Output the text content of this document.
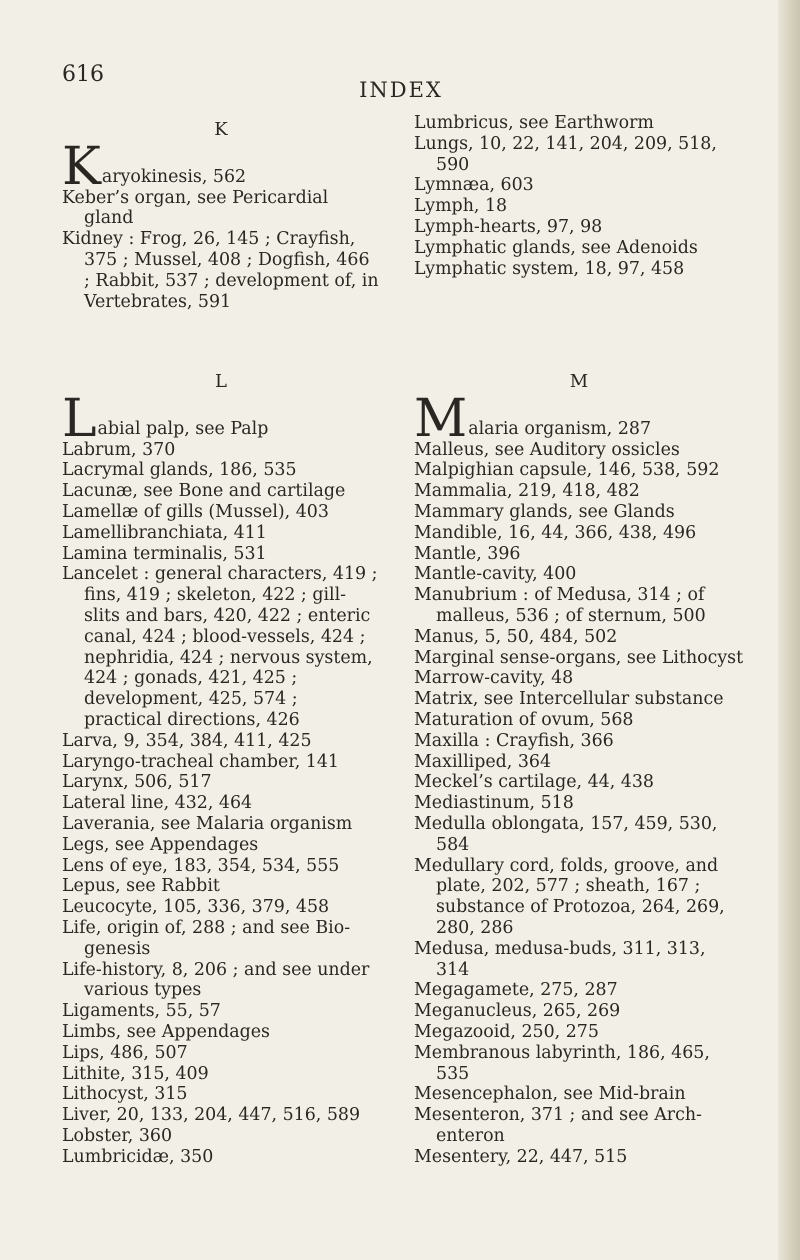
616
INDEX
K

K aryokinesis, 562

Keber’s organ, see Pericardial gland

Kidney : Frog, 26, 145 ; Crayfish, 375 ; Mussel, 408 ; Dogfish, 466 ; Rabbit, 537 ; development of, in Vertebrates, 591

L

L abial palp, see Palp

Labrum, 370

Lacrymal glands, 186, 535

Lacunæ, see Bone and cartilage

Lamellæ of gills (Mussel), 403

Lamellibranchiata, 411

Lamina terminalis, 531

Lancelet : general characters, 419 ; fins, 419 ; skeleton, 422 ; gill-slits and bars, 420, 422 ; enteric canal, 424 ; blood-vessels, 424 ; nephridia, 424 ; nervous system, 424 ; gonads, 421, 425 ; development, 425, 574 ; practical directions, 426

Larva, 9, 354, 384, 411, 425

Laryngo-tracheal chamber, 141

Larynx, 506, 517

Lateral line, 432, 464

Laverania, see Malaria organism

Legs, see Appendages

Lens of eye, 183, 354, 534, 555

Lepus, see Rabbit

Leucocyte, 105, 336, 379, 458

Life, origin of, 288 ; and see Bio-genesis

Life-history, 8, 206 ; and see under various types

Ligaments, 55, 57

Limbs, see Appendages

Lips, 486, 507

Lithite, 315, 409

Lithocyst, 315

Liver, 20, 133, 204, 447, 516, 589

Lobster, 360

Lumbricidæ, 350

Lumbricus, see Earthworm

Lungs, 10, 22, 141, 204, 209, 518, 590

Lymnæa, 603

Lymph, 18

Lymph-hearts, 97, 98

Lymphatic glands, see Adenoids

Lymphatic system, 18, 97, 458

M

M alaria organism, 287

Malleus, see Auditory ossicles

Malpighian capsule, 146, 538, 592

Mammalia, 219, 418, 482

Mammary glands, see Glands

Mandible, 16, 44, 366, 438, 496

Mantle, 396

Mantle-cavity, 400

Manubrium : of Medusa, 314 ; of malleus, 536 ; of sternum, 500

Manus, 5, 50, 484, 502

Marginal sense-organs, see Lithocyst

Marrow-cavity, 48

Matrix, see Intercellular substance

Maturation of ovum, 568

Maxilla : Crayfish, 366

Maxilliped, 364

Meckel’s cartilage, 44, 438

Mediastinum, 518

Medulla oblongata, 157, 459, 530, 584

Medullary cord, folds, groove, and plate, 202, 577 ; sheath, 167 ; substance of Protozoa, 264, 269, 280, 286

Medusa, medusa-buds, 311, 313, 314

Megagamete, 275, 287

Meganucleus, 265, 269

Megazooid, 250, 275

Membranous labyrinth, 186, 465, 535

Mesencephalon, see Mid-brain

Mesenteron, 371 ; and see Arch-enteron

Mesentery, 22, 447, 515
